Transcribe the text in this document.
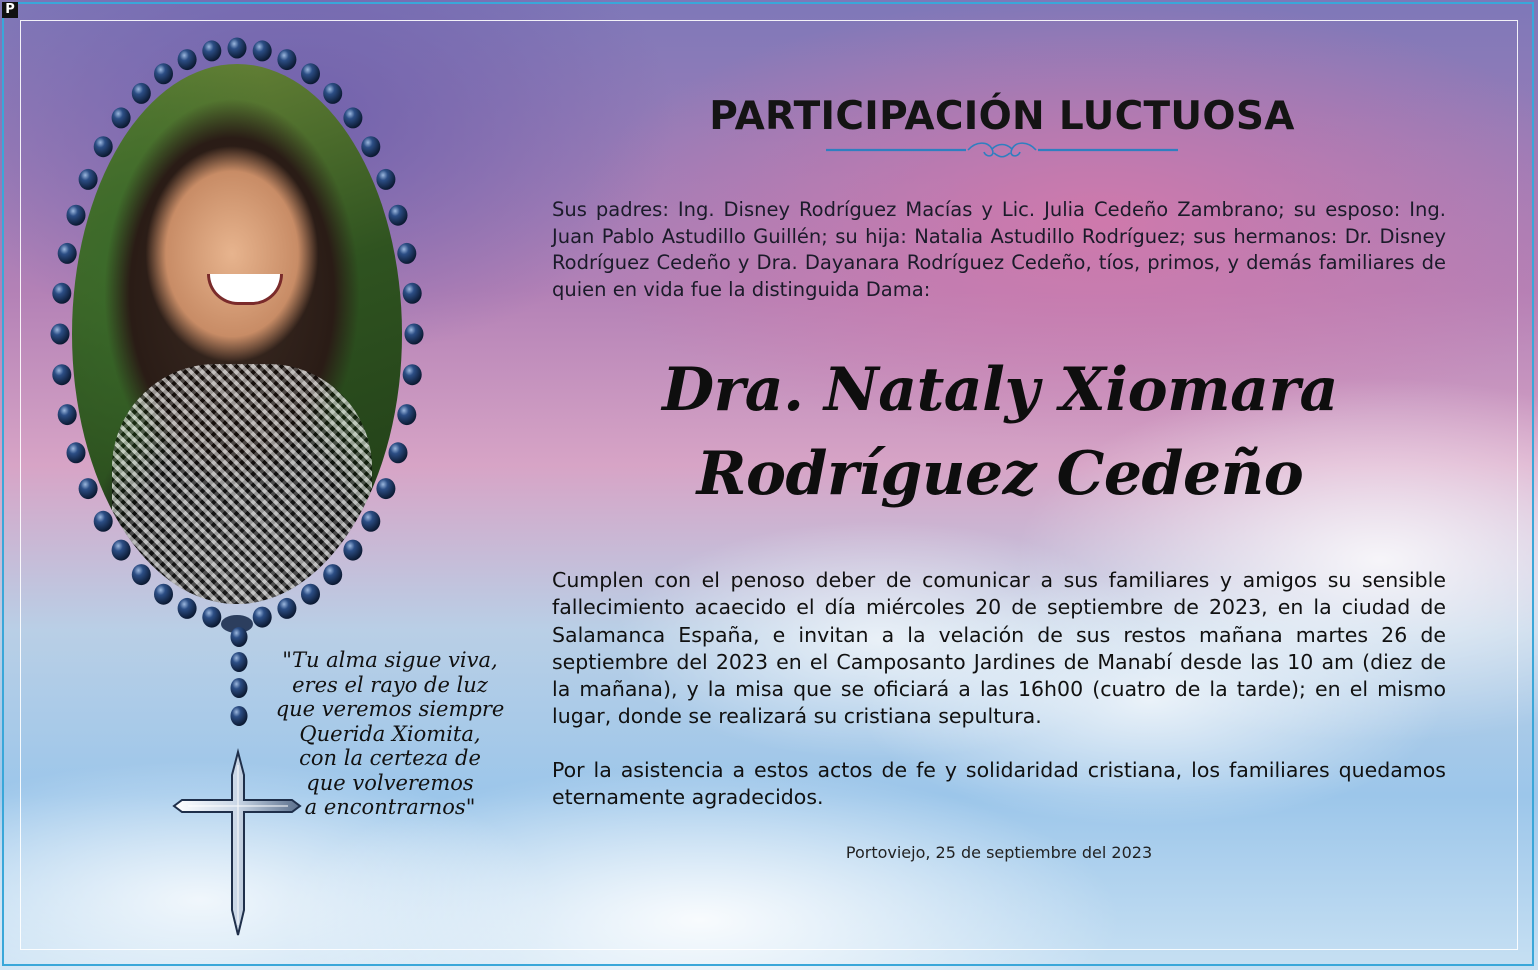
P

"Tu alma sigue viva,
eres el rayo de luz
que veremos siempre
Querida Xiomita,
con la certeza de
que volveremos
a encontrarnos"

PARTICIPACIÓN LUCTUOSA

Sus padres: Ing. Disney Rodríguez Macías y Lic. Julia Cedeño Zambrano; su esposo: Ing. Juan Pablo Astudillo Guillén; su hija: Natalia Astudillo Rodríguez; sus hermanos: Dr. Disney Rodríguez Cedeño y Dra. Dayanara Rodríguez Cedeño, tíos, primos, y demás familiares de quien en vida fue la distinguida Dama:

Dra. Nataly Xiomara
Rodríguez Cedeño

Cumplen con el penoso deber de comunicar a sus familiares y amigos su sensible fallecimiento acaecido el día miércoles 20 de septiembre de 2023, en la ciudad de Salamanca España, e invitan a la velación de sus restos mañana martes 26 de septiembre del 2023 en el Camposanto Jardines de Manabí desde las 10 am (diez de la mañana), y la misa que se oficiará a las 16h00 (cuatro de la tarde); en el mismo lugar, donde se realizará su cristiana sepultura.

Por la asistencia a estos actos de fe y solidaridad cristiana, los familiares quedamos eternamente agradecidos.

Portoviejo, 25 de septiembre del 2023
